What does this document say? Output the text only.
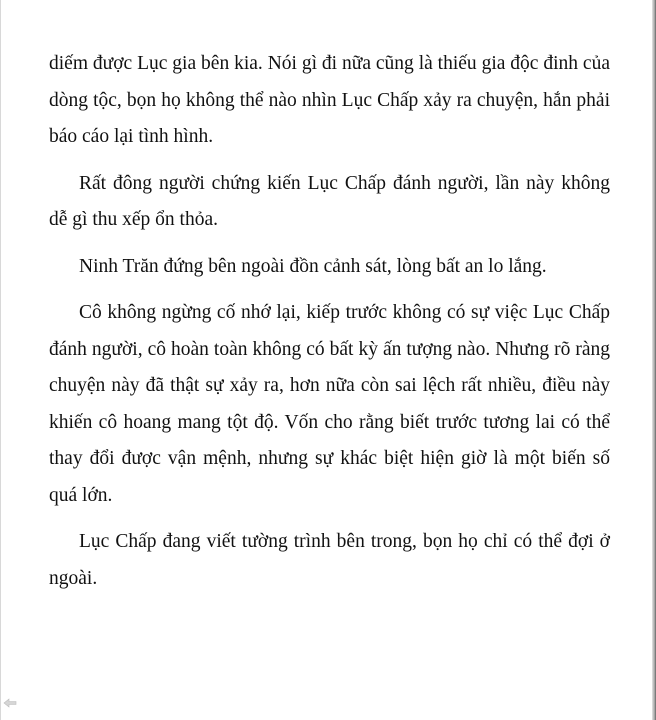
diếm được Lục gia bên kia. Nói gì đi nữa cũng là thiếu gia độc đinh của dòng tộc, bọn họ không thể nào nhìn Lục Chấp xảy ra chuyện, hắn phải báo cáo lại tình hình.

Rất đông người chứng kiến Lục Chấp đánh người, lần này không dễ gì thu xếp ổn thỏa.

Ninh Trăn đứng bên ngoài đồn cảnh sát, lòng bất an lo lắng.

Cô không ngừng cố nhớ lại, kiếp trước không có sự việc Lục Chấp đánh người, cô hoàn toàn không có bất kỳ ấn tượng nào. Nhưng rõ ràng chuyện này đã thật sự xảy ra, hơn nữa còn sai lệch rất nhiều, điều này khiến cô hoang mang tột độ. Vốn cho rằng biết trước tương lai có thể thay đổi được vận mệnh, nhưng sự khác biệt hiện giờ là một biến số quá lớn.

Lục Chấp đang viết tường trình bên trong, bọn họ chỉ có thể đợi ở ngoài.
